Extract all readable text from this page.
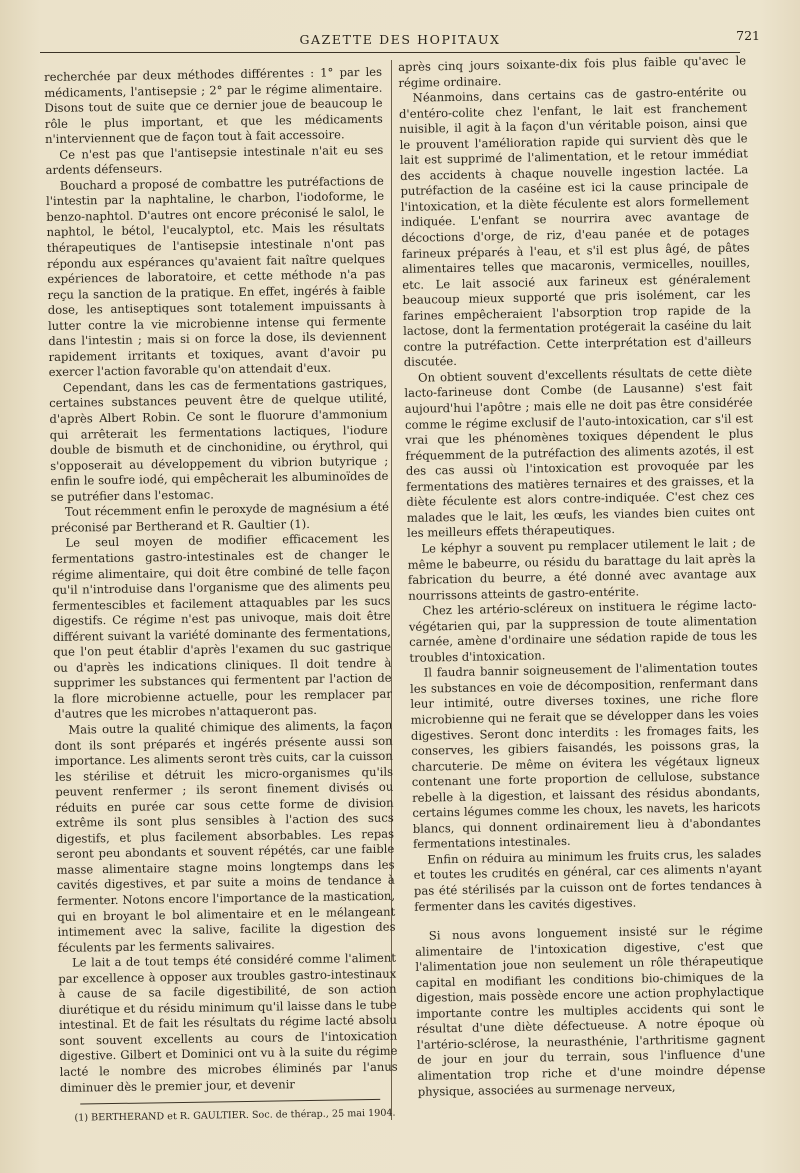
GAZETTE DES HOPITAUX	721

recherchée par deux méthodes différentes : 1° par les médicaments, l'antisepsie ; 2° par le régime alimentaire. Disons tout de suite que ce dernier joue de beaucoup le rôle le plus important, et que les médicaments n'interviennent que de façon tout à fait accessoire.

Ce n'est pas que l'antisepsie intestinale n'ait eu ses ardents défenseurs.

Bouchard a proposé de combattre les putréfactions de l'intestin par la naphtaline, le charbon, l'iodoforme, le benzo-naphtol. D'autres ont encore préconisé le salol, le naphtol, le bétol, l'eucalyptol, etc. Mais les résultats thérapeutiques de l'antisepsie intestinale n'ont pas répondu aux espérances qu'avaient fait naître quelques expériences de laboratoire, et cette méthode n'a pas reçu la sanction de la pratique. En effet, ingérés à faible dose, les antiseptiques sont totalement impuissants à lutter contre la vie microbienne intense qui fermente dans l'intestin ; mais si on force la dose, ils deviennent rapidement irritants et toxiques, avant d'avoir pu exercer l'action favorable qu'on attendait d'eux.

Cependant, dans les cas de fermentations gastriques, certaines substances peuvent être de quelque utilité, d'après Albert Robin. Ce sont le fluorure d'ammonium qui arrêterait les fermentations lactiques, l'iodure double de bismuth et de cinchonidine, ou érythrol, qui s'opposerait au développement du vibrion butyrique ; enfin le soufre iodé, qui empêcherait les albuminoïdes de se putréfier dans l'estomac.

Tout récemment enfin le peroxyde de magnésium a été préconisé par Bertherand et R. Gaultier (1).

Le seul moyen de modifier efficacement les fermentations gastro-intestinales est de changer le régime alimentaire, qui doit être combiné de telle façon qu'il n'introduise dans l'organisme que des aliments peu fermentescibles et facilement attaquables par les sucs digestifs. Ce régime n'est pas univoque, mais doit être différent suivant la variété dominante des fermentations, que l'on peut établir d'après l'examen du suc gastrique ou d'après les indications cliniques. Il doit tendre à supprimer les substances qui fermentent par l'action de la flore microbienne actuelle, pour les remplacer par d'autres que les microbes n'attaqueront pas.

Mais outre la qualité chimique des aliments, la façon dont ils sont préparés et ingérés présente aussi son importance. Les aliments seront très cuits, car la cuisson les stérilise et détruit les micro-organismes qu'ils peuvent renfermer ; ils seront finement divisés ou réduits en purée car sous cette forme de division extrême ils sont plus sensibles à l'action des sucs digestifs, et plus facilement absorbables. Les repas seront peu abondants et souvent répétés, car une faible masse alimentaire stagne moins longtemps dans les cavités digestives, et par suite a moins de tendance à fermenter. Notons encore l'importance de la mastication, qui en broyant le bol alimentaire et en le mélangeant intimement avec la salive, facilite la digestion des féculents par les ferments salivaires.

Le lait a de tout temps été considéré comme l'aliment par excellence à opposer aux troubles gastro-intestinaux à cause de sa facile digestibilité, de son action diurétique et du résidu minimum qu'il laisse dans le tube intestinal. Et de fait les résultats du régime lacté absolu sont souvent excellents au cours de l'intoxication digestive. Gilbert et Dominici ont vu à la suite du régime lacté le nombre des microbes éliminés par l'anus diminuer dès le premier jour, et devenir

(1) BERTHERAND et R. GAULTIER. Soc. de thérap., 25 mai 1904.

après cinq jours soixante-dix fois plus faible qu'avec le régime ordinaire.

Néanmoins, dans certains cas de gastro-entérite ou d'entéro-colite chez l'enfant, le lait est franchement nuisible, il agit à la façon d'un véritable poison, ainsi que le prouvent l'amélioration rapide qui survient dès que le lait est supprimé de l'alimentation, et le retour immédiat des accidents à chaque nouvelle ingestion lactée. La putréfaction de la caséine est ici la cause principale de l'intoxication, et la diète féculente est alors formellement indiquée. L'enfant se nourrira avec avantage de décoctions d'orge, de riz, d'eau panée et de potages farineux préparés à l'eau, et s'il est plus âgé, de pâtes alimentaires telles que macaronis, vermicelles, nouilles, etc. Le lait associé aux farineux est généralement beaucoup mieux supporté que pris isolément, car les farines empêcheraient l'absorption trop rapide de la lactose, dont la fermentation protégerait la caséine du lait contre la putréfaction. Cette interprétation est d'ailleurs discutée.

On obtient souvent d'excellents résultats de cette diète lacto-farineuse dont Combe (de Lausanne) s'est fait aujourd'hui l'apôtre ; mais elle ne doit pas être considérée comme le régime exclusif de l'auto-intoxication, car s'il est vrai que les phénomènes toxiques dépendent le plus fréquemment de la putréfaction des aliments azotés, il est des cas aussi où l'intoxication est provoquée par les fermentations des matières ternaires et des graisses, et la diète féculente est alors contre-indiquée. C'est chez ces malades que le lait, les œufs, les viandes bien cuites ont les meilleurs effets thérapeutiques.

Le képhyr a souvent pu remplacer utilement le lait ; de même le babeurre, ou résidu du barattage du lait après la fabrication du beurre, a été donné avec avantage aux nourrissons atteints de gastro-entérite.

Chez les artério-scléreux on instituera le régime lacto-végétarien qui, par la suppression de toute alimentation carnée, amène d'ordinaire une sédation rapide de tous les troubles d'intoxication.

Il faudra bannir soigneusement de l'alimentation toutes les substances en voie de décomposition, renfermant dans leur intimité, outre diverses toxines, une riche flore microbienne qui ne ferait que se développer dans les voies digestives. Seront donc interdits : les fromages faits, les conserves, les gibiers faisandés, les poissons gras, la charcuterie. De même on évitera les végétaux ligneux contenant une forte proportion de cellulose, substance rebelle à la digestion, et laissant des résidus abondants, certains légumes comme les choux, les navets, les haricots blancs, qui donnent ordinairement lieu à d'abondantes fermentations intestinales.

Enfin on réduira au minimum les fruits crus, les salades et toutes les crudités en général, car ces aliments n'ayant pas été stérilisés par la cuisson ont de fortes tendances à fermenter dans les cavités digestives.

Si nous avons longuement insisté sur le régime alimentaire de l'intoxication digestive, c'est que l'alimentation joue non seulement un rôle thérapeutique capital en modifiant les conditions bio-chimiques de la digestion, mais possède encore une action prophylactique importante contre les multiples accidents qui sont le résultat d'une diète défectueuse. A notre époque où l'artério-sclérose, la neurasthénie, l'arthritisme gagnent de jour en jour du terrain, sous l'influence d'une alimentation trop riche et d'une moindre dépense physique, associées au surmenage nerveux,
